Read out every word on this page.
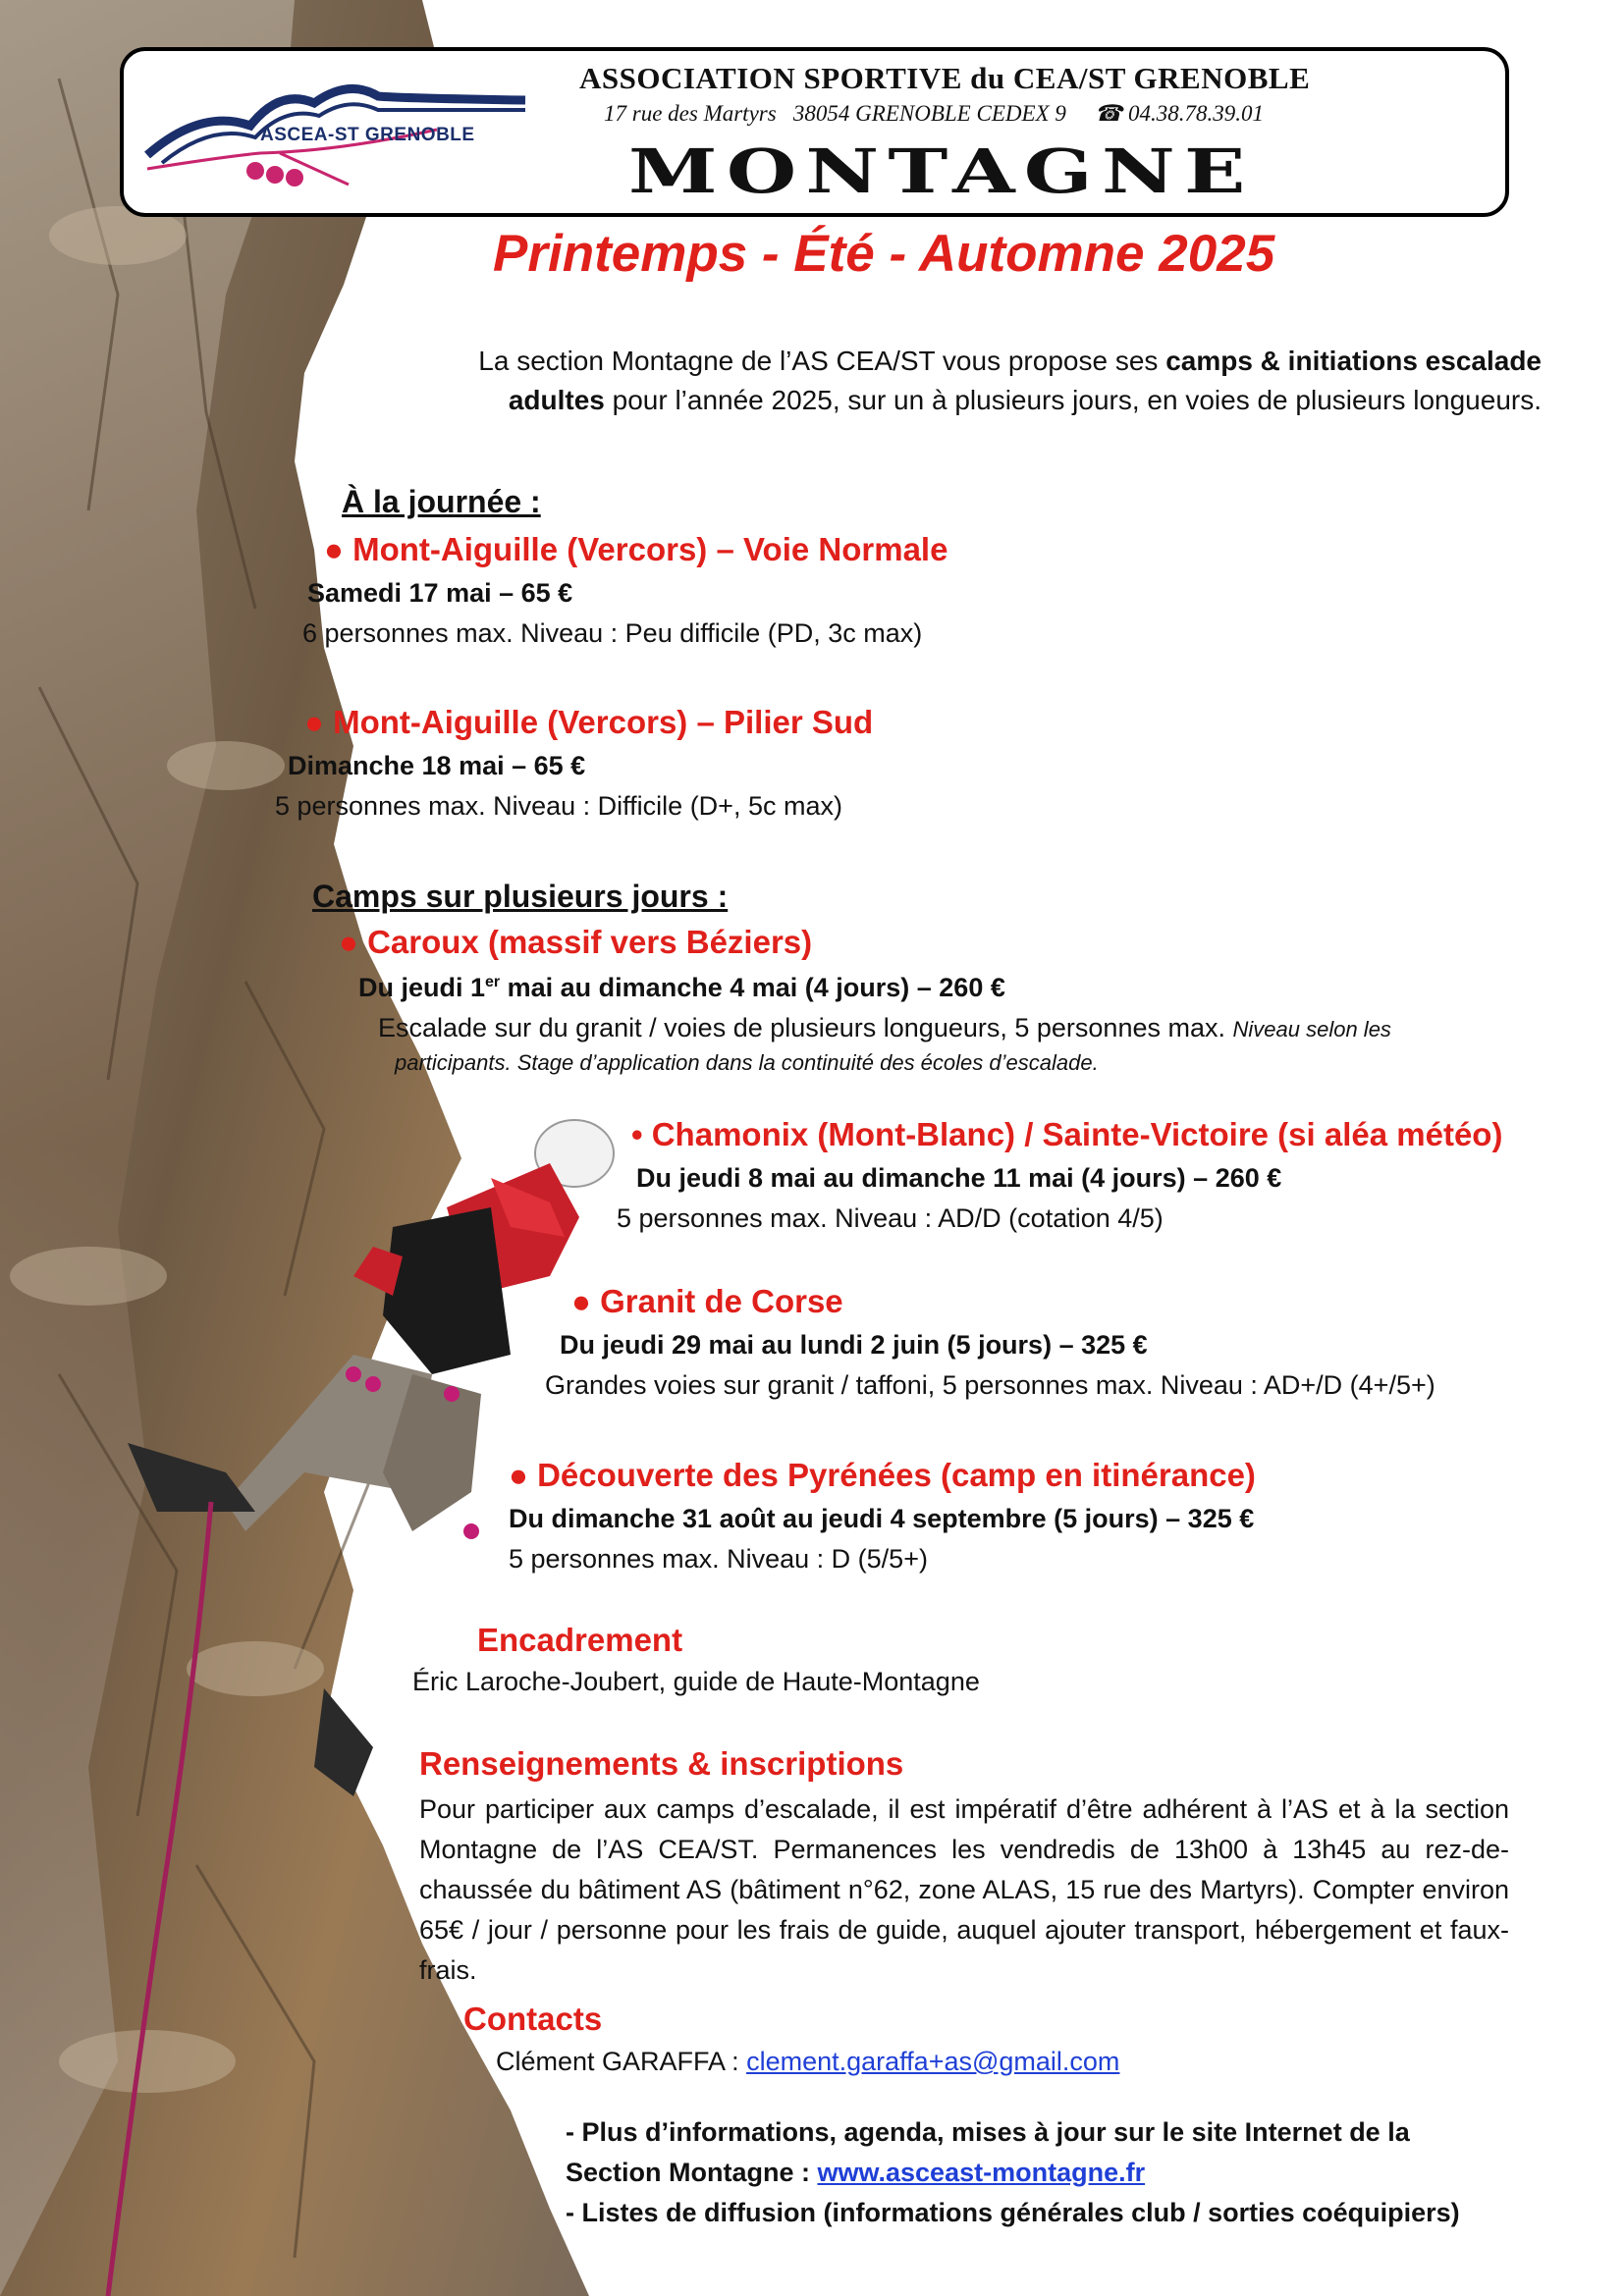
ASCEA-ST GRENOBLE
ASSOCIATION SPORTIVE du CEA/ST GRENOBLE
17 rue des Martyrs   38054 GRENOBLE CEDEX 9     ☎ 04.38.78.39.01
MONTAGNE
Printemps - Été - Automne 2025
La section Montagne de l’AS CEA/ST vous propose ses camps & initiations escalade adultes pour l’année 2025, sur un à plusieurs jours, en voies de plusieurs longueurs.
À la journée :
● Mont-Aiguille (Vercors) – Voie Normale
Samedi 17 mai – 65 €
6 personnes max. Niveau : Peu difficile (PD, 3c max)
● Mont-Aiguille (Vercors) – Pilier Sud
Dimanche 18 mai – 65 €
5 personnes max. Niveau : Difficile (D+, 5c max)
Camps sur plusieurs jours :
● Caroux (massif vers Béziers)
Du jeudi 1er mai au dimanche 4 mai (4 jours) – 260 €
Escalade sur du granit / voies de plusieurs longueurs, 5 personnes max. Niveau selon les
participants. Stage d’application dans la continuité des écoles d’escalade.
• Chamonix (Mont-Blanc) / Sainte-Victoire (si aléa météo)
Du jeudi 8 mai au dimanche 11 mai (4 jours) – 260 €
5 personnes max. Niveau : AD/D (cotation 4/5)
● Granit de Corse
Du jeudi 29 mai au lundi 2 juin (5 jours) – 325 €
Grandes voies sur granit / taffoni, 5 personnes max. Niveau : AD+/D (4+/5+)
● Découverte des Pyrénées (camp en itinérance)
Du dimanche 31 août au jeudi 4 septembre (5 jours) – 325 €
5 personnes max. Niveau : D (5/5+)
Encadrement
Éric Laroche-Joubert, guide de Haute-Montagne
Renseignements & inscriptions
Pour participer aux camps d’escalade, il est impératif d’être adhérent à l’AS et à la section Montagne de l’AS CEA/ST. Permanences les vendredis de 13h00 à 13h45 au rez-de-chaussée du bâtiment AS (bâtiment n°62, zone ALAS, 15 rue des Martyrs). Compter environ 65€ / jour / personne pour les frais de guide, auquel ajouter transport, hébergement et faux-frais.
Contacts
Clément GARAFFA : clement.garaffa+as@gmail.com
- Plus d’informations, agenda, mises à jour sur le site Internet de la
Section Montagne : www.asceast-montagne.fr
- Listes de diffusion (informations générales club / sorties coéquipiers)
